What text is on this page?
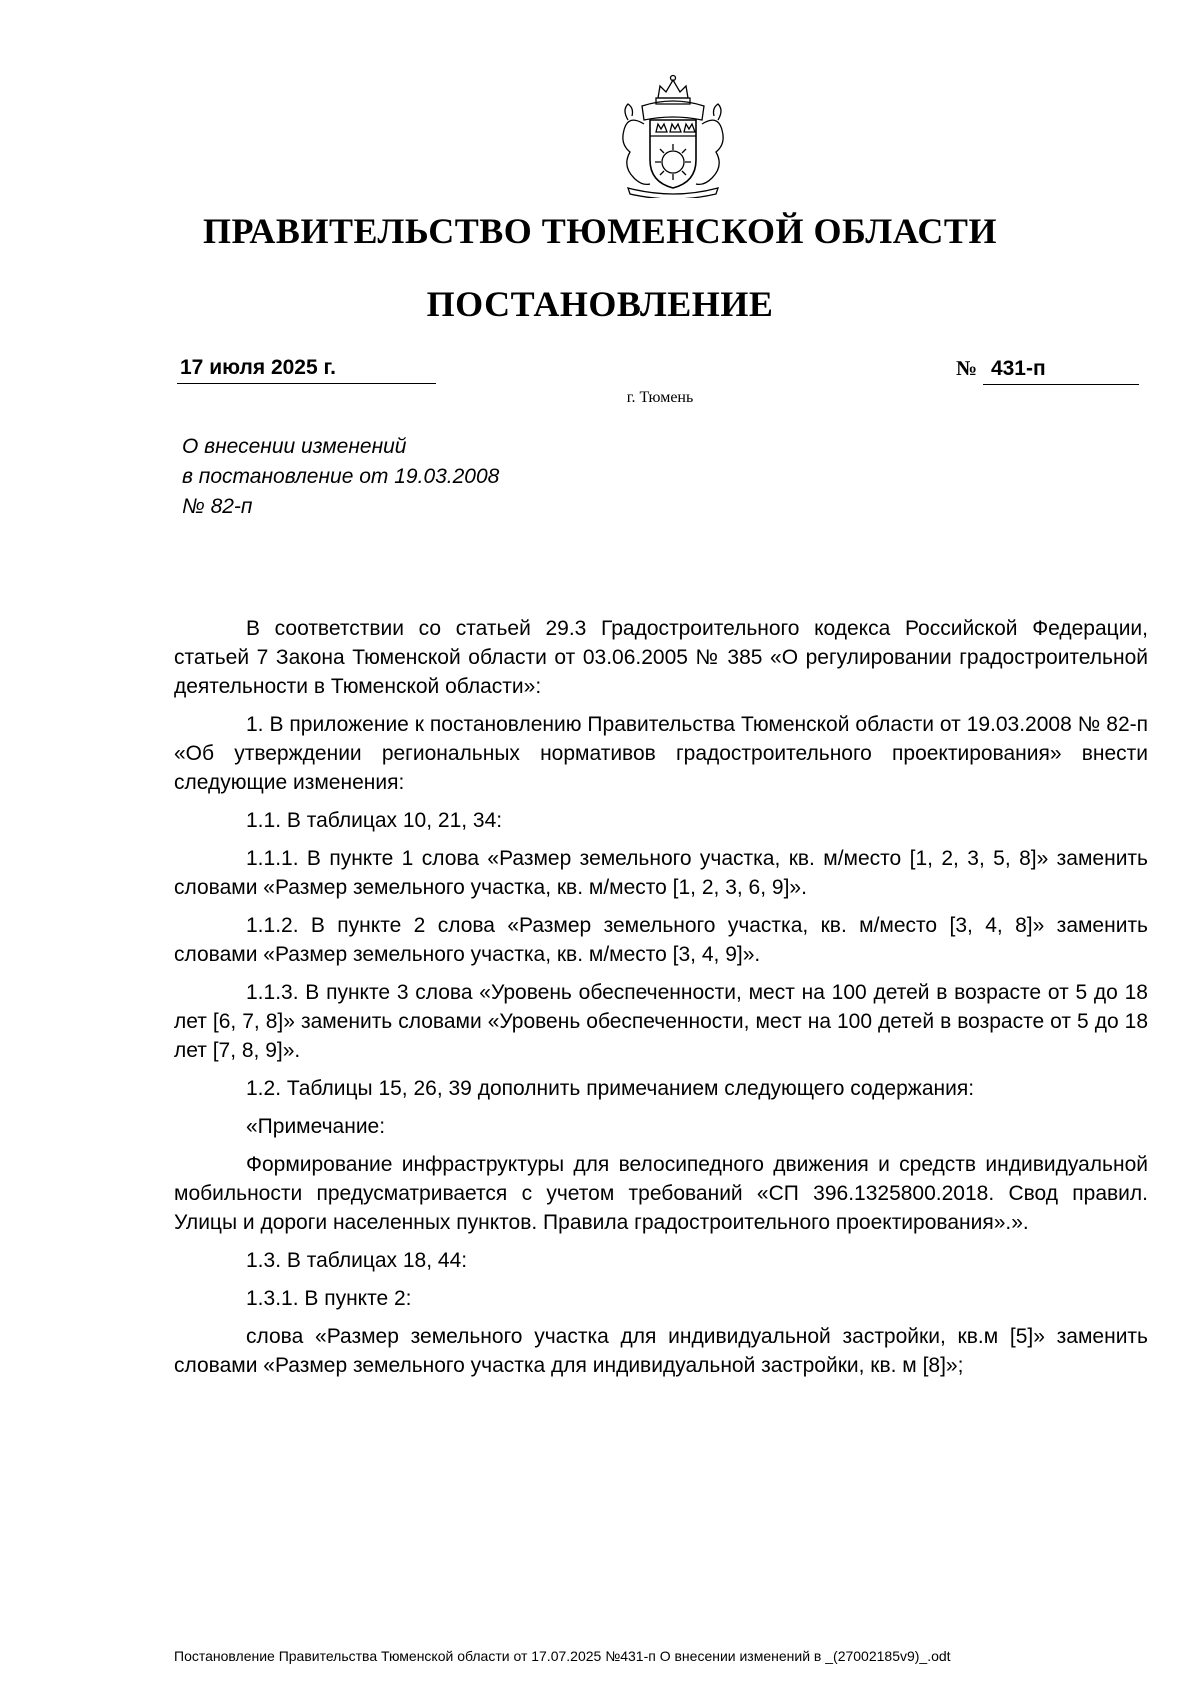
ПРАВИТЕЛЬСТВО ТЮМЕНСКОЙ ОБЛАСТИ
ПОСТАНОВЛЕНИЕ
17 июля 2025 г.	№ 431-п
г. Тюмень
О внесении изменений
в постановление от 19.03.2008
№ 82-п

В соответствии со статьей 29.3 Градостроительного кодекса Российской Федерации, статьей 7 Закона Тюменской области от 03.06.2005 № 385 «О регулировании градостроительной деятельности в Тюменской области»:

1. В приложение к постановлению Правительства Тюменской области от 19.03.2008 № 82-п «Об утверждении региональных нормативов градостроительного проектирования» внести следующие изменения:

1.1. В таблицах 10, 21, 34:

1.1.1. В пункте 1 слова «Размер земельного участка, кв. м/место [1, 2, 3, 5, 8]» заменить словами «Размер земельного участка, кв. м/место [1, 2, 3, 6, 9]».

1.1.2. В пункте 2 слова «Размер земельного участка, кв. м/место [3, 4, 8]» заменить словами «Размер земельного участка, кв. м/место [3, 4, 9]».

1.1.3. В пункте 3 слова «Уровень обеспеченности, мест на 100 детей в возрасте от 5 до 18 лет [6, 7, 8]» заменить словами «Уровень обеспеченности, мест на 100 детей в возрасте от 5 до 18 лет [7, 8, 9]».

1.2. Таблицы 15, 26, 39 дополнить примечанием следующего содержания:

«Примечание:

Формирование инфраструктуры для велосипедного движения и средств индивидуальной мобильности предусматривается с учетом требований «СП 396.1325800.2018. Свод правил. Улицы и дороги населенных пунктов. Правила градостроительного проектирования».».

1.3. В таблицах 18, 44:

1.3.1. В пункте 2:

слова «Размер земельного участка для индивидуальной застройки, кв.м [5]» заменить словами «Размер земельного участка для индивидуальной застройки, кв. м [8]»;

Постановление Правительства Тюменской области от 17.07.2025 №431-п О внесении изменений в _(27002185v9)_.odt
